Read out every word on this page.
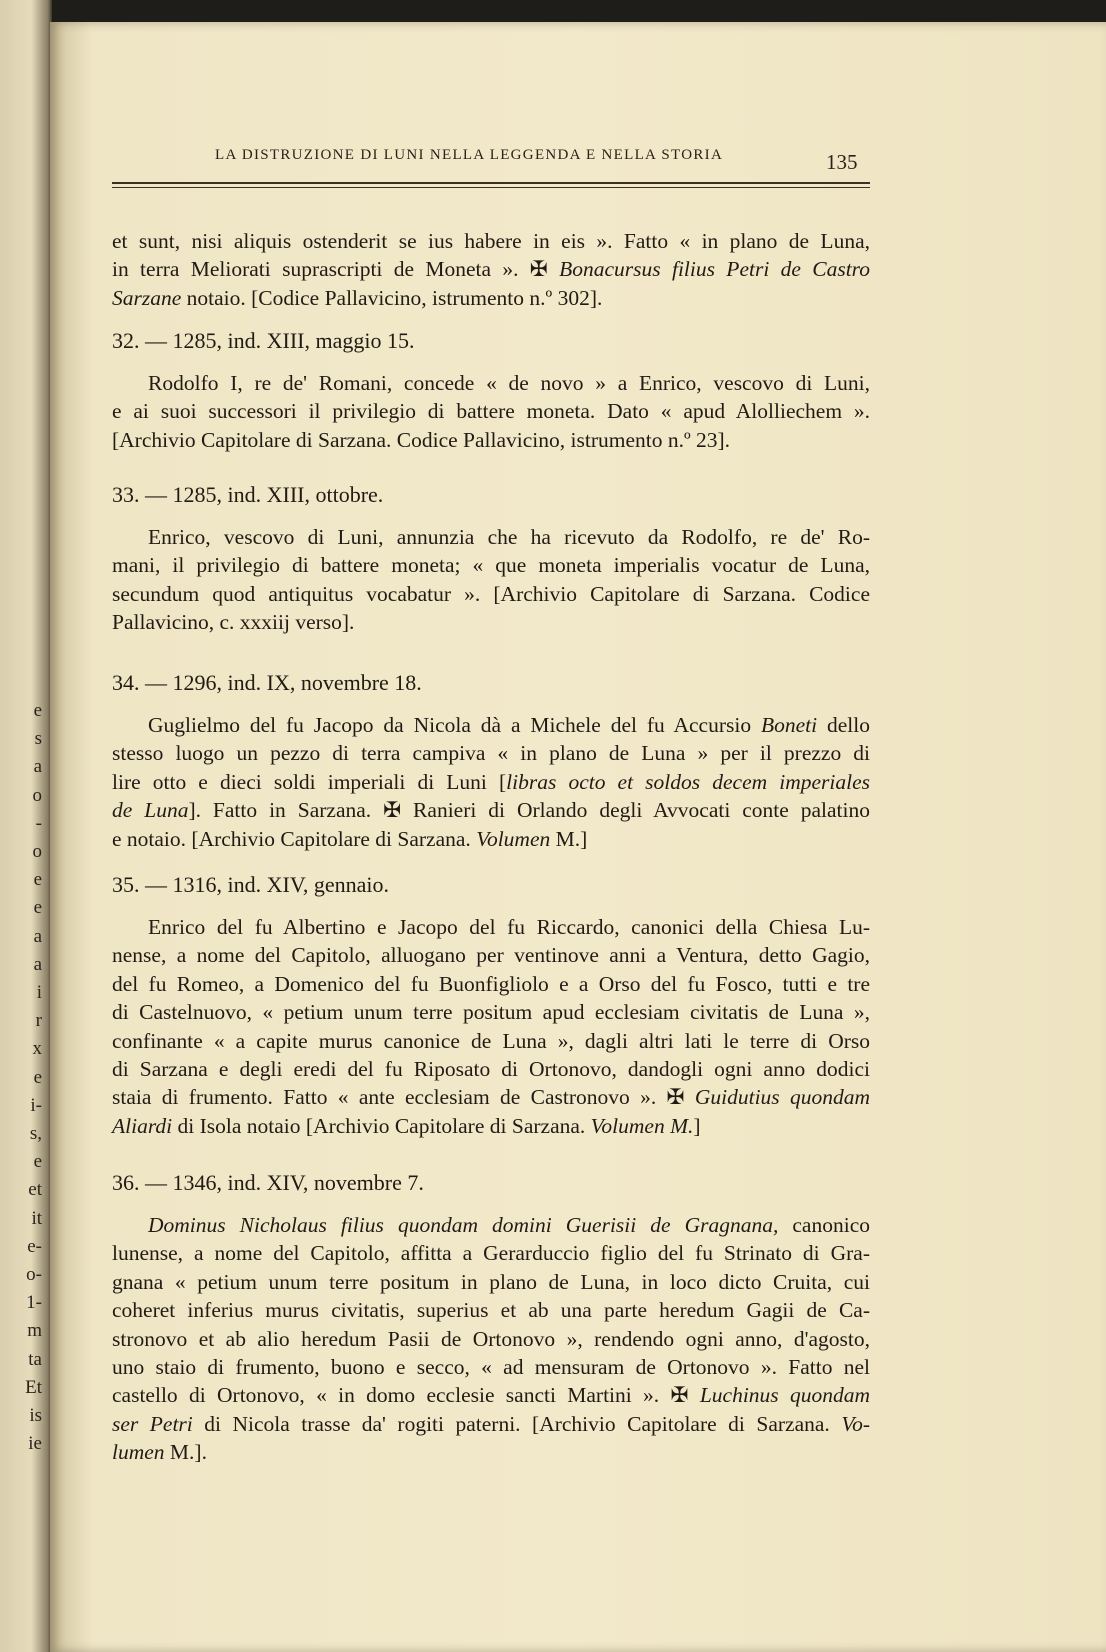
e
s
a
o
-
o
e
e
a
a
i
r
x
e
i-
s,
e
et
it
e-
o-
1-
m
ta
Et
is
ie
LA DISTRUZIONE DI LUNI NELLA LEGGENDA E NELLA STORIA	135
et sunt, nisi aliquis ostenderit se ius habere in eis ». Fatto « in plano de Luna,
in terra Meliorati suprascripti de Moneta ». ✠ Bonacursus filius Petri de Castro
Sarzane notaio. [Codice Pallavicino, istrumento n.º 302].
32. — 1285, ind. XIII, maggio 15.
Rodolfo I, re de' Romani, concede « de novo » a Enrico, vescovo di Luni,
e ai suoi successori il privilegio di battere moneta. Dato « apud Alolliechem ».
[Archivio Capitolare di Sarzana. Codice Pallavicino, istrumento n.º 23].
33. — 1285, ind. XIII, ottobre.
Enrico, vescovo di Luni, annunzia che ha ricevuto da Rodolfo, re de' Ro-
mani, il privilegio di battere moneta; « que moneta imperialis vocatur de Luna,
secundum quod antiquitus vocabatur ». [Archivio Capitolare di Sarzana. Codice
Pallavicino, c. xxxiij verso].
34. — 1296, ind. IX, novembre 18.
Guglielmo del fu Jacopo da Nicola dà a Michele del fu Accursio Boneti dello
stesso luogo un pezzo di terra campiva « in plano de Luna » per il prezzo di
lire otto e dieci soldi imperiali di Luni [libras octo et soldos decem imperiales
de Luna]. Fatto in Sarzana. ✠ Ranieri di Orlando degli Avvocati conte palatino
e notaio. [Archivio Capitolare di Sarzana. Volumen M.]
35. — 1316, ind. XIV, gennaio.
Enrico del fu Albertino e Jacopo del fu Riccardo, canonici della Chiesa Lu-
nense, a nome del Capitolo, alluogano per ventinove anni a Ventura, detto Gagio,
del fu Romeo, a Domenico del fu Buonfigliolo e a Orso del fu Fosco, tutti e tre
di Castelnuovo, « petium unum terre positum apud ecclesiam civitatis de Luna »,
confinante « a capite murus canonice de Luna », dagli altri lati le terre di Orso
di Sarzana e degli eredi del fu Riposato di Ortonovo, dandogli ogni anno dodici
staia di frumento. Fatto « ante ecclesiam de Castronovo ». ✠ Guidutius quondam
Aliardi di Isola notaio [Archivio Capitolare di Sarzana. Volumen M.]
36. — 1346, ind. XIV, novembre 7.
Dominus Nicholaus filius quondam domini Guerisii de Gragnana, canonico
lunense, a nome del Capitolo, affitta a Gerarduccio figlio del fu Strinato di Gra-
gnana « petium unum terre positum in plano de Luna, in loco dicto Cruita, cui
coheret inferius murus civitatis, superius et ab una parte heredum Gagii de Ca-
stronovo et ab alio heredum Pasii de Ortonovo », rendendo ogni anno, d'agosto,
uno staio di frumento, buono e secco, « ad mensuram de Ortonovo ». Fatto nel
castello di Ortonovo, « in domo ecclesie sancti Martini ». ✠ Luchinus quondam
ser Petri di Nicola trasse da' rogiti paterni. [Archivio Capitolare di Sarzana. Vo-
lumen M.].
